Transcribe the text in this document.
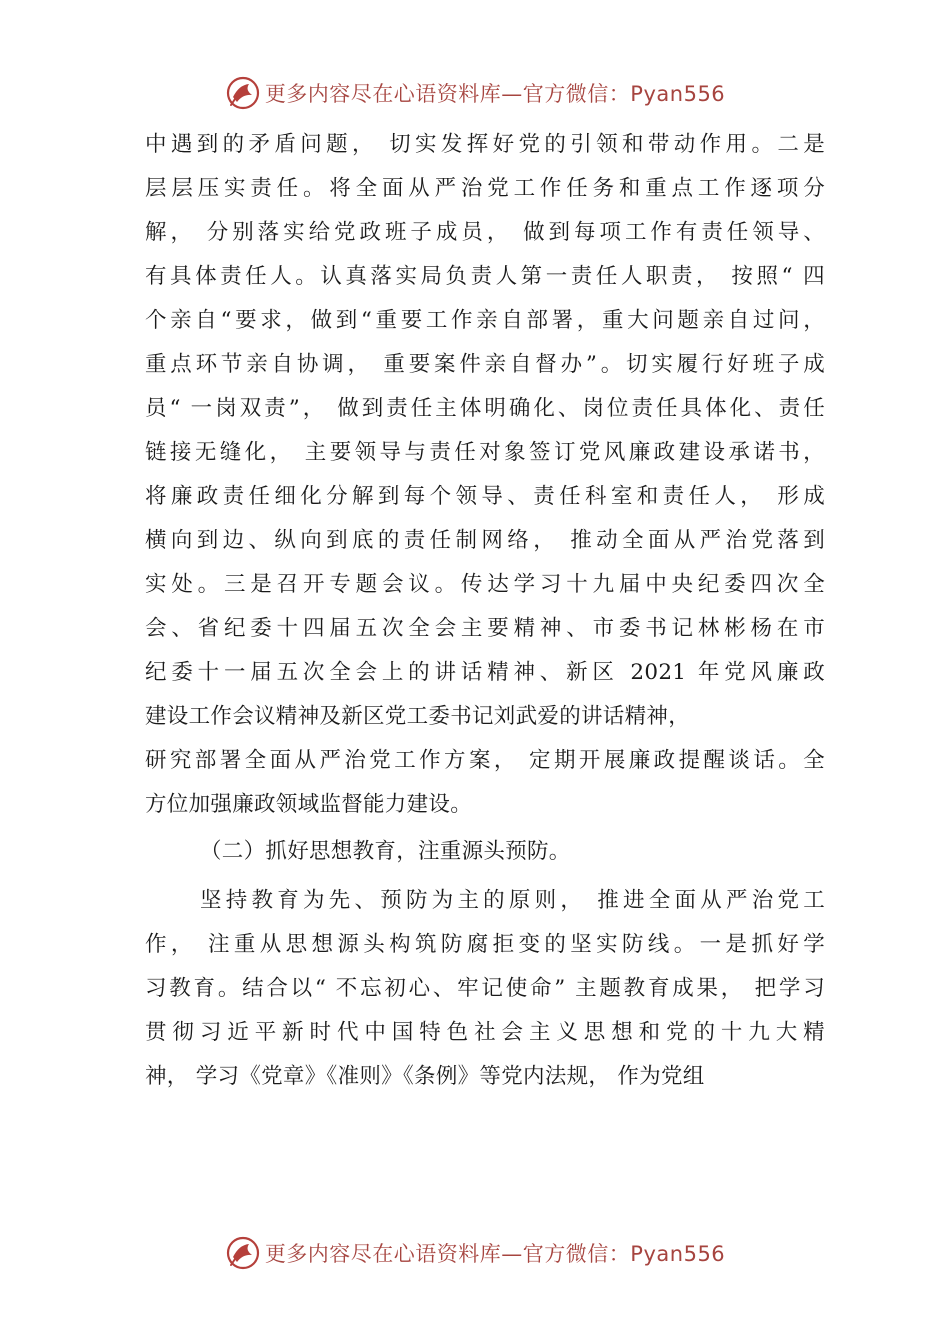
更多内容尽在心语资料库—官方微信：Pyan556
中遇到的矛盾问题， 切实发挥好党的引领和带动作用。二是
层层压实责任。将全面从严治党工作任务和重点工作逐项分
解， 分别落实给党政班子成员， 做到每项工作有责任领导、
有具体责任人。认真落实局负责人第一责任人职责， 按照“ 四
个亲自“要求，做到“重要工作亲自部署，重大问题亲自过问，
重点环节亲自协调， 重要案件亲自督办”。切实履行好班子成
员“ 一岗双责”， 做到责任主体明确化、岗位责任具体化、责任
链接无缝化， 主要领导与责任对象签订党风廉政建设承诺书，
将廉政责任细化分解到每个领导、责任科室和责任人， 形成
横向到边、纵向到底的责任制网络， 推动全面从严治党落到
实处。三是召开专题会议。传达学习十九届中央纪委四次全
会、省纪委十四届五次全会主要精神、市委书记林彬杨在市
纪委十一届五次全会上的讲话精神、新区 2021 年党风廉政
建设工作会议精神及新区党工委书记刘武爱的讲话精神，
研究部署全面从严治党工作方案， 定期开展廉政提醒谈话。全
方位加强廉政领域监督能力建设。
（二）抓好思想教育，注重源头预防。
坚持教育为先、预防为主的原则， 推进全面从严治党工
作， 注重从思想源头构筑防腐拒变的坚实防线。一是抓好学
习教育。结合以“ 不忘初心、牢记使命” 主题教育成果， 把学习
贯彻习近平新时代中国特色社会主义思想和党的十九大精
神， 学习《党章》《准则》《条例》等党内法规， 作为党组
更多内容尽在心语资料库—官方微信：Pyan556
